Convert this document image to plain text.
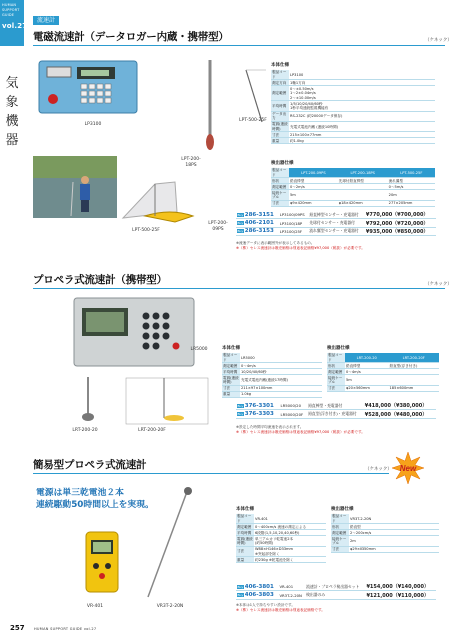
HUMAN
SUPPORT
GUIDE
vol.27
気
象
機
器
流速計
電磁流速計（データロガー内蔵・携帯型）	（ケネック）
LP3100
LPT-500-25F
LPT-200-18PS
LPT-500-25F
LPT-200-09PS
本体仕様
製品コード	LP3100
測定方向	1軸1方向
測定範囲	0〜±0.50m/s
1〜2±0.04m/s
2〜±10.00m/s
平均時間	1/5/10/20/40/60秒
1秒平均連続監視機能有
データ出力	RS-232C (約20000データ保存)
電源(連続時間)	充電式電池内蔵 (連続10時間)
寸法	215×100×77mm
重量	約1.0kg
検出器仕様
製品コード	LPT-200-09PS	LPT-200-18PS	LPT-500-25F
形状	鉛直棒型	先球付鉛直棒型	流れ翼型
測定範囲	0〜2m/s		0〜5m/s
接続ケーブル	5m		20m
寸法	φ9×420mm	φ18×420mm	277×205mm
Buy 286-3151	LP3100/09PS	鉛直棒型センサー・充電器付	¥770,000（¥700,000）
Buy 406-2101	LP3100/18P	先球付センサー・充電器付	¥792,000（¥720,000）
Buy 286-3153	LP3100/25F	流れ翼型センサー・充電器付	¥935,000（¥850,000）
※流速データに表示範囲外が表示してあるもの。
※（株）セレス流速計は販売価格は別途表記価格¥97,000（税抜）が必要です。
プロペラ式流速計（携帯型）	（ケネック）
LR5000
LRT-200-20	LRT-200-20F
本体仕様
製品コード	LR5000
測定範囲	0〜4m/s
平均時間	10/20/40/60秒
電源(連続時間)	充電式電池内蔵(連続17時間)
寸法	211×97×100mm
重量	1.0kg
検出器仕様
製品コード	LRT-200-20	LRT-200-20F
形状	鉛直棒型	鉛直型(浮き付き)
測定範囲	0〜4m/s	
接続ケーブル	5m	
寸法	φ20×560mm	185×600mm
Buy 376-3301	LR5000/20	鉛直棒型・充電器付	¥418,000（¥380,000）
Buy 376-3303	LR5000/20F	鉛直型(浮き付き)・充電器付	¥528,000（¥480,000）
※設定した時間平均流速を表示されます。
※（株）セレス流速計は販売価格は別途表記価格¥97,000（税抜）が必要です。
簡易型プロペラ式流速計	（ケネック） New
電源は単三乾電池２本
連続駆動50時間以上を実現。
VR-401	VR3T-2-20N
本体仕様
製品コード	VR-401
測定範囲	0〜400cm/s 流速の測定による
平均時間	6段階(1,5,10,20,40,60秒)
電源(連続時間)	単三アルカリ乾電池2本
(約50時間)
寸法	W88×H146×D33mm
※突起部を除く
重量	約230g ※乾電池を除く
検出器仕様
製品コード	VR3T-2-20N
形状	鉛直型
測定範囲	2〜200cm/s
接続ケーブル	2m
寸法	φ29×Ⅱ350mm
Buy 406-3801	VR-401	流速計・プロペラ検出器セット	¥154,000（¥140,000）
Buy 406-3803	VR3T-2-20N	検出器のみ	¥121,000（¥110,000）
※本体は1人で持ちやすい設計です。
※（株）セレス流速計は販売価格は別途表記価格です。
257	HUMAN SUPPORT GUIDE vol.27
